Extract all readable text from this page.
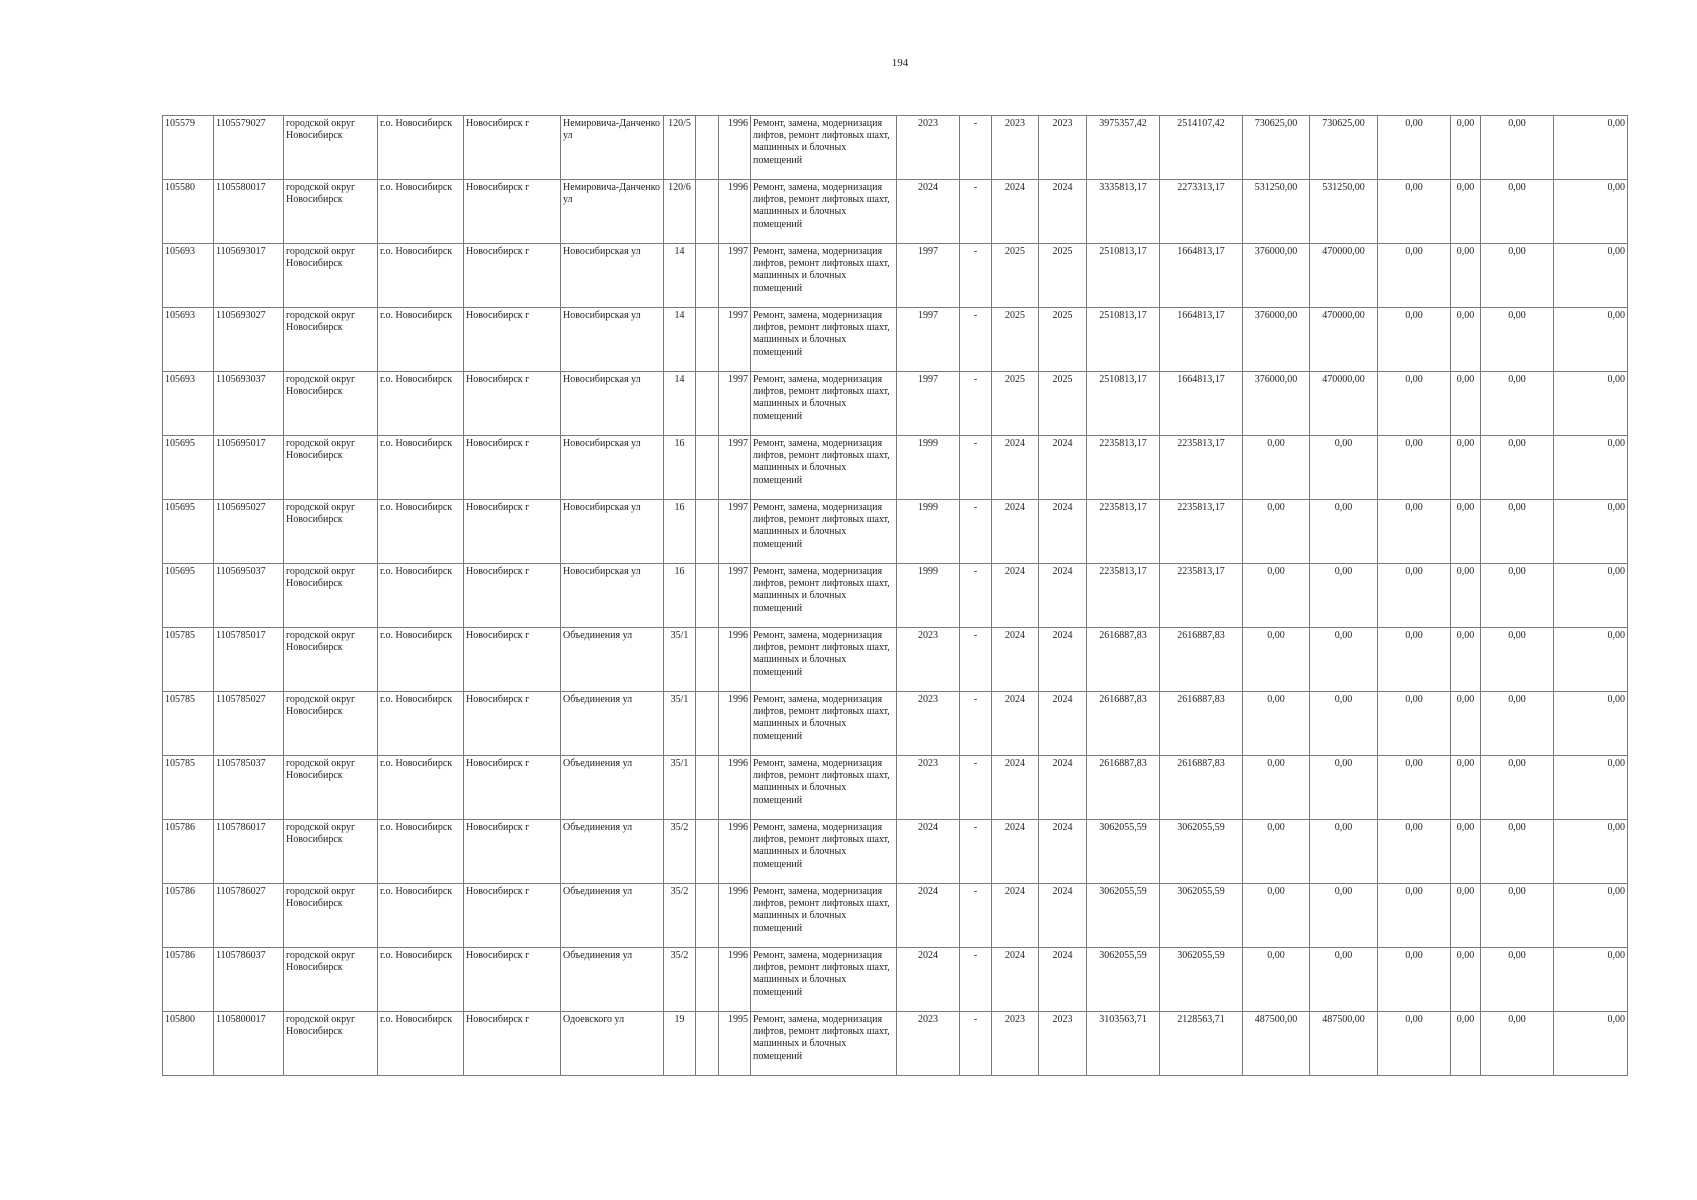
194
105579	1105579027	городской округ Новосибирск	г.о. Новосибирск	Новосибирск г	Немировича-Данченко ул	120/5		1996	Ремонт, замена, модернизация лифтов, ремонт лифтовых шахт, машинных и блочных помещений	2023	-	2023	2023	3975357,42	2514107,42	730625,00	730625,00	0,00	0,00	0,00	0,00
105580	1105580017	городской округ Новосибирск	г.о. Новосибирск	Новосибирск г	Немировича-Данченко ул	120/6		1996	Ремонт, замена, модернизация лифтов, ремонт лифтовых шахт, машинных и блочных помещений	2024	-	2024	2024	3335813,17	2273313,17	531250,00	531250,00	0,00	0,00	0,00	0,00
105693	1105693017	городской округ Новосибирск	г.о. Новосибирск	Новосибирск г	Новосибирская ул	14		1997	Ремонт, замена, модернизация лифтов, ремонт лифтовых шахт, машинных и блочных помещений	1997	-	2025	2025	2510813,17	1664813,17	376000,00	470000,00	0,00	0,00	0,00	0,00
105693	1105693027	городской округ Новосибирск	г.о. Новосибирск	Новосибирск г	Новосибирская ул	14		1997	Ремонт, замена, модернизация лифтов, ремонт лифтовых шахт, машинных и блочных помещений	1997	-	2025	2025	2510813,17	1664813,17	376000,00	470000,00	0,00	0,00	0,00	0,00
105693	1105693037	городской округ Новосибирск	г.о. Новосибирск	Новосибирск г	Новосибирская ул	14		1997	Ремонт, замена, модернизация лифтов, ремонт лифтовых шахт, машинных и блочных помещений	1997	-	2025	2025	2510813,17	1664813,17	376000,00	470000,00	0,00	0,00	0,00	0,00
105695	1105695017	городской округ Новосибирск	г.о. Новосибирск	Новосибирск г	Новосибирская ул	16		1997	Ремонт, замена, модернизация лифтов, ремонт лифтовых шахт, машинных и блочных помещений	1999	-	2024	2024	2235813,17	2235813,17	0,00	0,00	0,00	0,00	0,00	0,00
105695	1105695027	городской округ Новосибирск	г.о. Новосибирск	Новосибирск г	Новосибирская ул	16		1997	Ремонт, замена, модернизация лифтов, ремонт лифтовых шахт, машинных и блочных помещений	1999	-	2024	2024	2235813,17	2235813,17	0,00	0,00	0,00	0,00	0,00	0,00
105695	1105695037	городской округ Новосибирск	г.о. Новосибирск	Новосибирск г	Новосибирская ул	16		1997	Ремонт, замена, модернизация лифтов, ремонт лифтовых шахт, машинных и блочных помещений	1999	-	2024	2024	2235813,17	2235813,17	0,00	0,00	0,00	0,00	0,00	0,00
105785	1105785017	городской округ Новосибирск	г.о. Новосибирск	Новосибирск г	Объединения ул	35/1		1996	Ремонт, замена, модернизация лифтов, ремонт лифтовых шахт, машинных и блочных помещений	2023	-	2024	2024	2616887,83	2616887,83	0,00	0,00	0,00	0,00	0,00	0,00
105785	1105785027	городской округ Новосибирск	г.о. Новосибирск	Новосибирск г	Объединения ул	35/1		1996	Ремонт, замена, модернизация лифтов, ремонт лифтовых шахт, машинных и блочных помещений	2023	-	2024	2024	2616887,83	2616887,83	0,00	0,00	0,00	0,00	0,00	0,00
105785	1105785037	городской округ Новосибирск	г.о. Новосибирск	Новосибирск г	Объединения ул	35/1		1996	Ремонт, замена, модернизация лифтов, ремонт лифтовых шахт, машинных и блочных помещений	2023	-	2024	2024	2616887,83	2616887,83	0,00	0,00	0,00	0,00	0,00	0,00
105786	1105786017	городской округ Новосибирск	г.о. Новосибирск	Новосибирск г	Объединения ул	35/2		1996	Ремонт, замена, модернизация лифтов, ремонт лифтовых шахт, машинных и блочных помещений	2024	-	2024	2024	3062055,59	3062055,59	0,00	0,00	0,00	0,00	0,00	0,00
105786	1105786027	городской округ Новосибирск	г.о. Новосибирск	Новосибирск г	Объединения ул	35/2		1996	Ремонт, замена, модернизация лифтов, ремонт лифтовых шахт, машинных и блочных помещений	2024	-	2024	2024	3062055,59	3062055,59	0,00	0,00	0,00	0,00	0,00	0,00
105786	1105786037	городской округ Новосибирск	г.о. Новосибирск	Новосибирск г	Объединения ул	35/2		1996	Ремонт, замена, модернизация лифтов, ремонт лифтовых шахт, машинных и блочных помещений	2024	-	2024	2024	3062055,59	3062055,59	0,00	0,00	0,00	0,00	0,00	0,00
105800	1105800017	городской округ Новосибирск	г.о. Новосибирск	Новосибирск г	Одоевского ул	19		1995	Ремонт, замена, модернизация лифтов, ремонт лифтовых шахт, машинных и блочных помещений	2023	-	2023	2023	3103563,71	2128563,71	487500,00	487500,00	0,00	0,00	0,00	0,00
